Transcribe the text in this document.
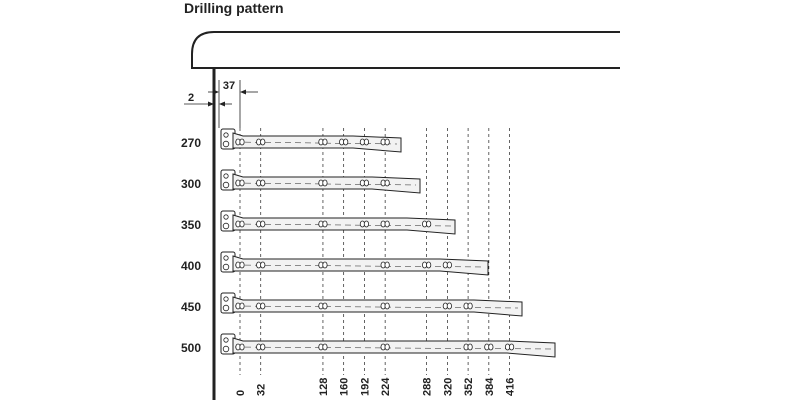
Drilling pattern
2
37
270
300
350
400
450
500
0 32	128 160 192 224	288 320 352 384 416
